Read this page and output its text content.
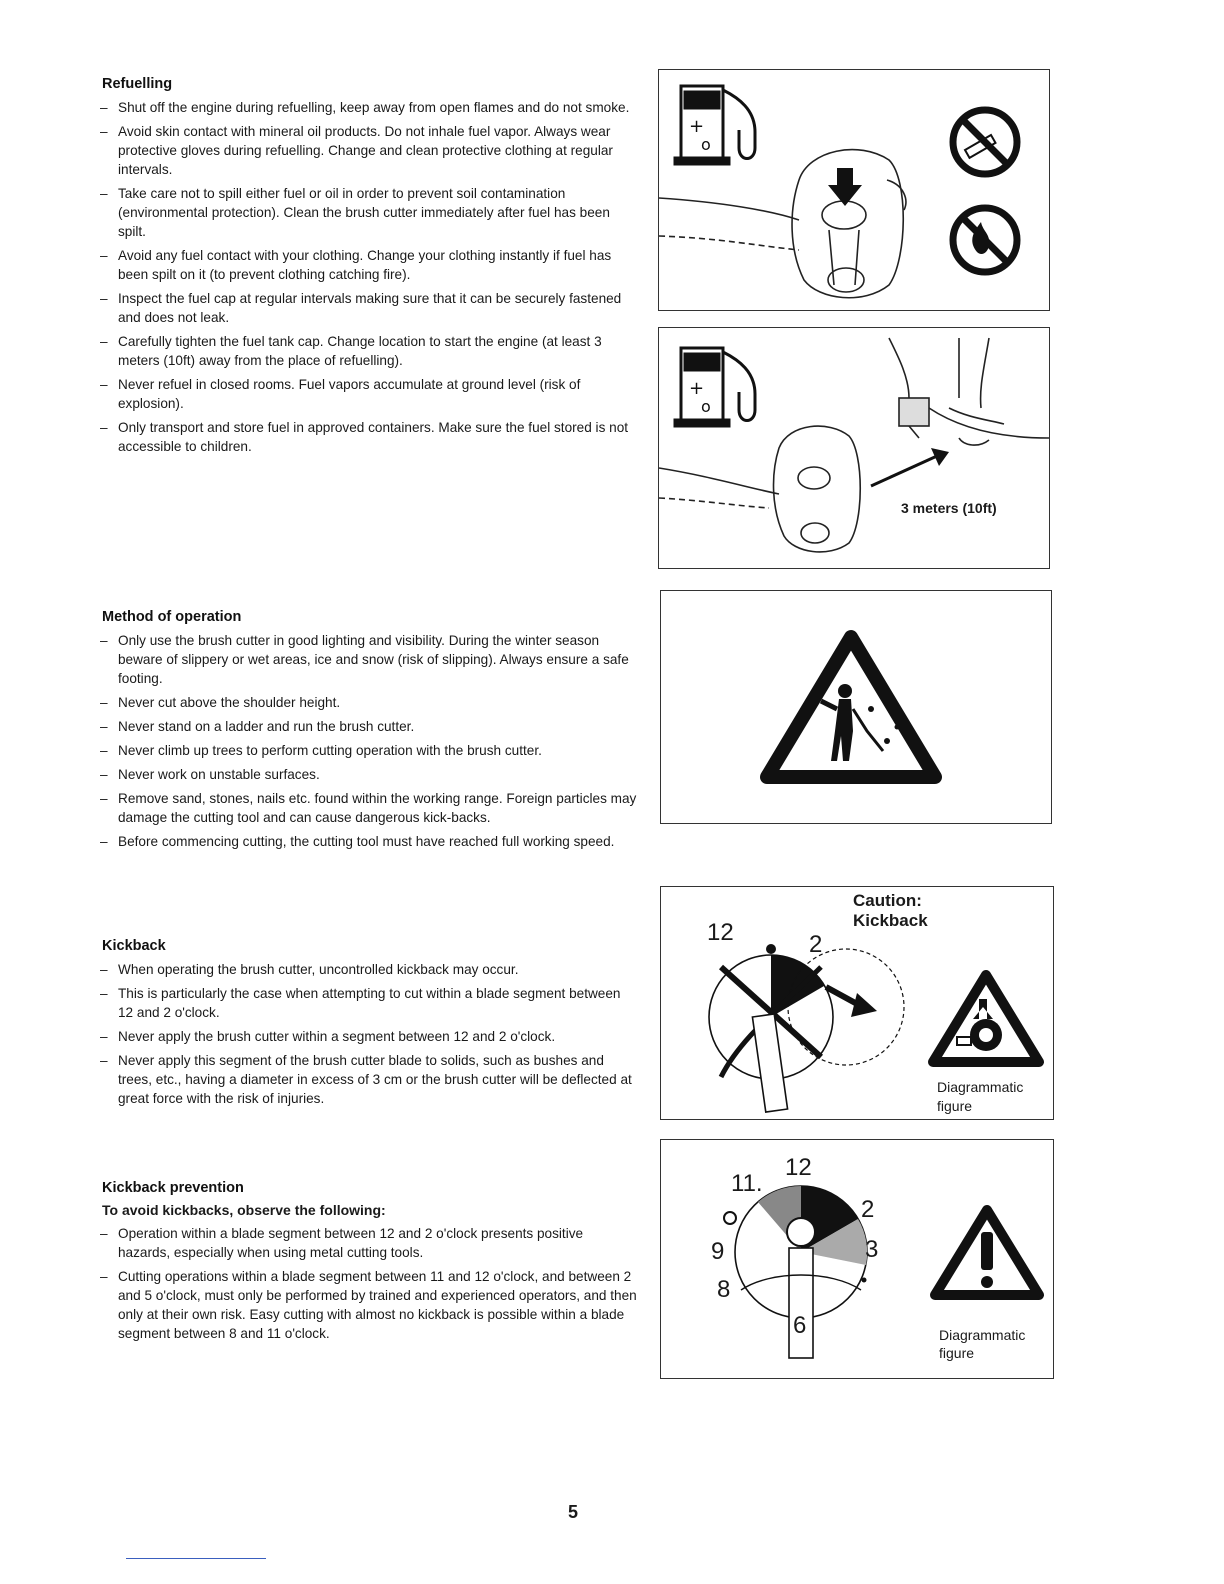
Refuelling
– Shut off the engine during refuelling, keep away from open flames and do not smoke.
– Avoid skin contact with mineral oil products. Do not inhale fuel vapor. Always wear protective gloves during refuelling. Change and clean protective clothing at regular intervals.
– Take care not to spill either fuel or oil in order to prevent soil contamination (environmental protection). Clean the brush cutter immediately after fuel has been spilt.
– Avoid any fuel contact with your clothing. Change your clothing instantly if fuel has been spilt on it (to prevent clothing catching fire).
– Inspect the fuel cap at regular intervals making sure that it can be securely fastened and does not leak.
– Carefully tighten the fuel tank cap. Change location to start the engine (at least 3 meters (10ft) away from the place of refuelling).
– Never refuel in closed rooms. Fuel vapors accumulate at ground level (risk of explosion).
– Only transport and store fuel in approved containers. Make sure the fuel stored is not accessible to children.
Method of operation
– Only use the brush cutter in good lighting and visibility. During the winter season beware of slippery or wet areas, ice and snow (risk of slipping). Always ensure a safe footing.
– Never cut above the shoulder height.
– Never stand on a ladder and run the brush cutter.
– Never climb up trees to perform cutting operation with the brush cutter.
– Never work on unstable surfaces.
– Remove sand, stones, nails etc. found within the working range. Foreign particles may damage the cutting tool and can cause dangerous kick-backs.
– Before commencing cutting, the cutting tool must have reached full working speed.
Kickback
– When operating the brush cutter, uncontrolled kickback may occur.
– This is particularly the case when attempting to cut within a blade segment between 12 and 2 o'clock.
– Never apply the brush cutter within a segment between 12 and 2 o'clock.
– Never apply this segment of the brush cutter blade to solids, such as bushes and trees, etc., having a diameter in excess of 3 cm or the brush cutter will be deflected at great force with the risk of injuries.
Kickback prevention
To avoid kickbacks, observe the following:
– Operation within a blade segment between 12 and 2 o'clock presents positive hazards, especially when using metal cutting tools.
– Cutting operations within a blade segment between 11 and 12 o'clock, and between 2 and 5 o'clock, must only be performed by trained and experienced operators, and then only at their own risk. Easy cutting with almost no kickback is possible within a blade segment between 8 and 11 o'clock.
+
o
+
o
3 meters (10ft)
12	2
Caution:
Kickback
Diagrammatic
figure
12
11.
2
3
9
8
6	Diagrammatic
figure
5
